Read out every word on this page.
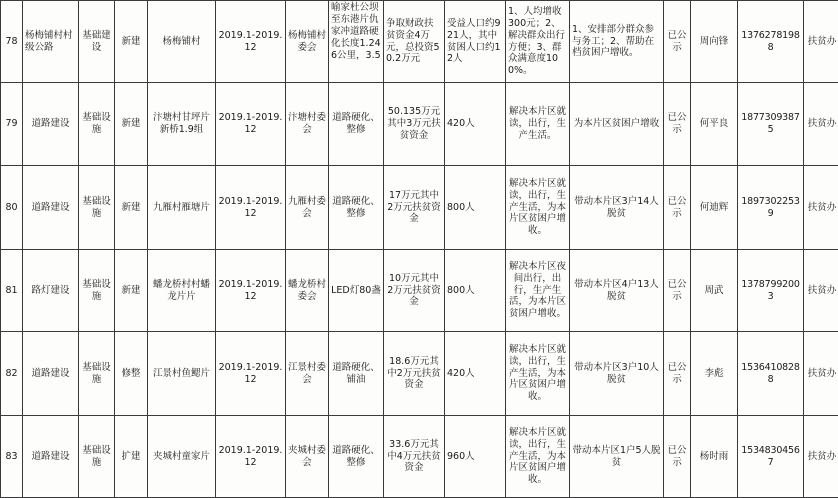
78	杨梅铺村村级公路	基础建设	新建	杨梅铺村	2019.1-2019.12	杨梅铺村委会	喻家杜公坝至东港片仇家冲道路硬化长度1.246公里，3.5	争取财政扶贫资金4万元，总投资50.2万元	受益人口约921人，其中贫困人口约12人	1、人均增收300元；2、解决群众出行方便；3、群众满意度100%。	1、安排部分群众参与务工；2、帮助在档贫困户增收。	已公示	周向锋	13762781988	扶贫办
79	道路建设	基础设施	新建	汴塘村甘坪片新桥1.9组	2019.1-2019.12	汴塘村委会	道路硬化、整修	50.135万元其中3万元扶贫资金	420人	解决本片区就读，出行，生产生活。	为本片区贫困户增收	已公示	何平良	18773093875	扶贫办
80	道路建设	基础设施	新建	九雁村雁塘片	2019.1-2019.12	九雁村委会	道路硬化、整修	17万元其中2万元扶贫资金	800人	解决本片区就读，出行，生产生活，为本片区贫困户增收。	带动本片区3户14人脱贫	已公示	何迪辉	18973022539	扶贫办
81	路灯建设	基础设施	新建	蟠龙桥村村蟠龙片片	2019.1-2019.12	蟠龙桥村委会	LED灯80盏	10万元其中2万元扶贫资金	800人	解决本片区夜间出行，出行，生产生活，为本片区贫困户增收。	带动本片区4户13人脱贫	已公示	周武	13787992003	扶贫办
82	道路建设	基础设施	修整	江景村鱼鳃片	2019.1-2019.12	江景村委会	道路硬化、铺油	18.6万元其中2万元扶贫资金	420人	解决本片区就读，出行，生产生活，为本片区贫困户增收。	带动本片区3户10人脱贫	已公示	李彪	15364108288	扶贫办
83	道路建设	基础设施	扩建	夹城村童家片	2019.1-2019.12	夹城村委会	道路硬化、整修	33.6万元其中4万元扶贫资金	960人	解决本片区就读，出行，生产生活，为本片区贫困户增收。	带动本片区1户5人脱贫	已公示	杨时雨	15348304567	扶贫办
